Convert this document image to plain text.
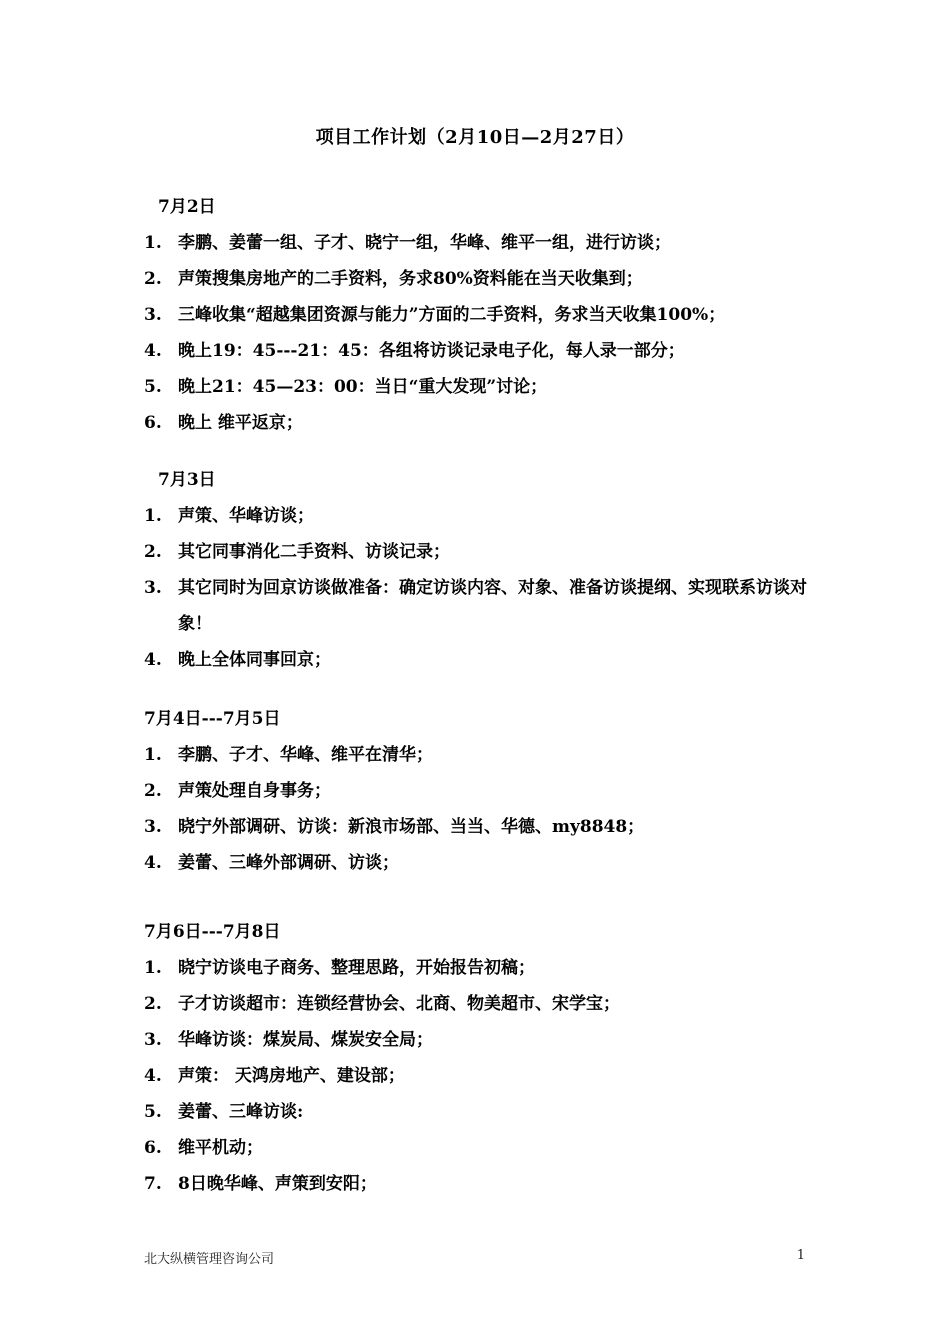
项目工作计划（2月10日—2月27日）
7月2日
1. 李鹏、姜蕾一组、子才、晓宁一组，华峰、维平一组，进行访谈；
2. 声策搜集房地产的二手资料，务求80%资料能在当天收集到；
3. 三峰收集“超越集团资源与能力”方面的二手资料，务求当天收集100%；
4. 晚上19：45---21：45：各组将访谈记录电子化，每人录一部分；
5. 晚上21：45—23：00：当日“重大发现”讨论；
6. 晚上 维平返京；
7月3日
1. 声策、华峰访谈；
2. 其它同事消化二手资料、访谈记录；
3. 其它同时为回京访谈做准备：确定访谈内容、对象、准备访谈提纲、实现联系访谈对象！
4. 晚上全体同事回京；
7月4日---7月5日
1. 李鹏、子才、华峰、维平在清华；
2. 声策处理自身事务；
3. 晓宁外部调研、访谈：新浪市场部、当当、华德、my8848；
4. 姜蕾、三峰外部调研、访谈；
7月6日---7月8日
1. 晓宁访谈电子商务、整理思路，开始报告初稿；
2. 子才访谈超市：连锁经营协会、北商、物美超市、宋学宝；
3. 华峰访谈：煤炭局、煤炭安全局；
4. 声策： 天鸿房地产、建设部；
5. 姜蕾、三峰访谈:
6. 维平机动；
7. 8日晚华峰、声策到安阳；
北大纵横管理咨询公司	1
